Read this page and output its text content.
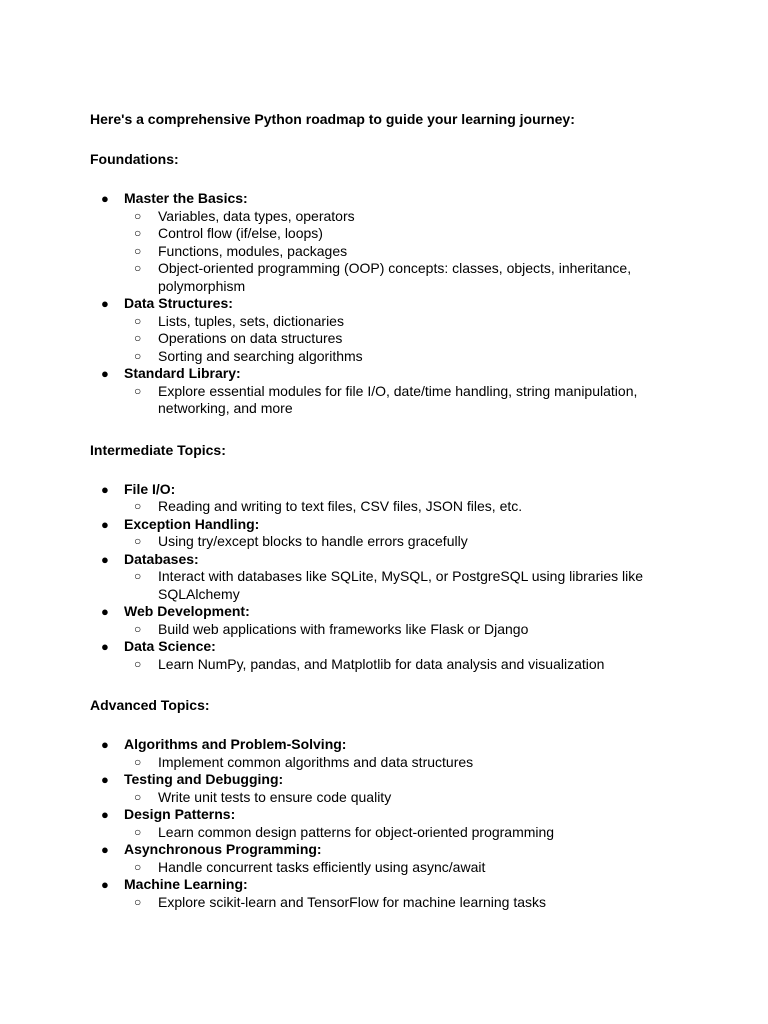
Here's a comprehensive Python roadmap to guide your learning journey:

Foundations:

● Master the Basics:
○ Variables, data types, operators
○ Control flow (if/else, loops)
○ Functions, modules, packages
○ Object-oriented programming (OOP) concepts: classes, objects, inheritance, polymorphism
● Data Structures:
○ Lists, tuples, sets, dictionaries
○ Operations on data structures
○ Sorting and searching algorithms
● Standard Library:
○ Explore essential modules for file I/O, date/time handling, string manipulation, networking, and more

Intermediate Topics:

● File I/O:
○ Reading and writing to text files, CSV files, JSON files, etc.
● Exception Handling:
○ Using try/except blocks to handle errors gracefully
● Databases:
○ Interact with databases like SQLite, MySQL, or PostgreSQL using libraries like SQLAlchemy
● Web Development:
○ Build web applications with frameworks like Flask or Django
● Data Science:
○ Learn NumPy, pandas, and Matplotlib for data analysis and visualization

Advanced Topics:

● Algorithms and Problem-Solving:
○ Implement common algorithms and data structures
● Testing and Debugging:
○ Write unit tests to ensure code quality
● Design Patterns:
○ Learn common design patterns for object-oriented programming
● Asynchronous Programming:
○ Handle concurrent tasks efficiently using async/await
● Machine Learning:
○ Explore scikit-learn and TensorFlow for machine learning tasks
